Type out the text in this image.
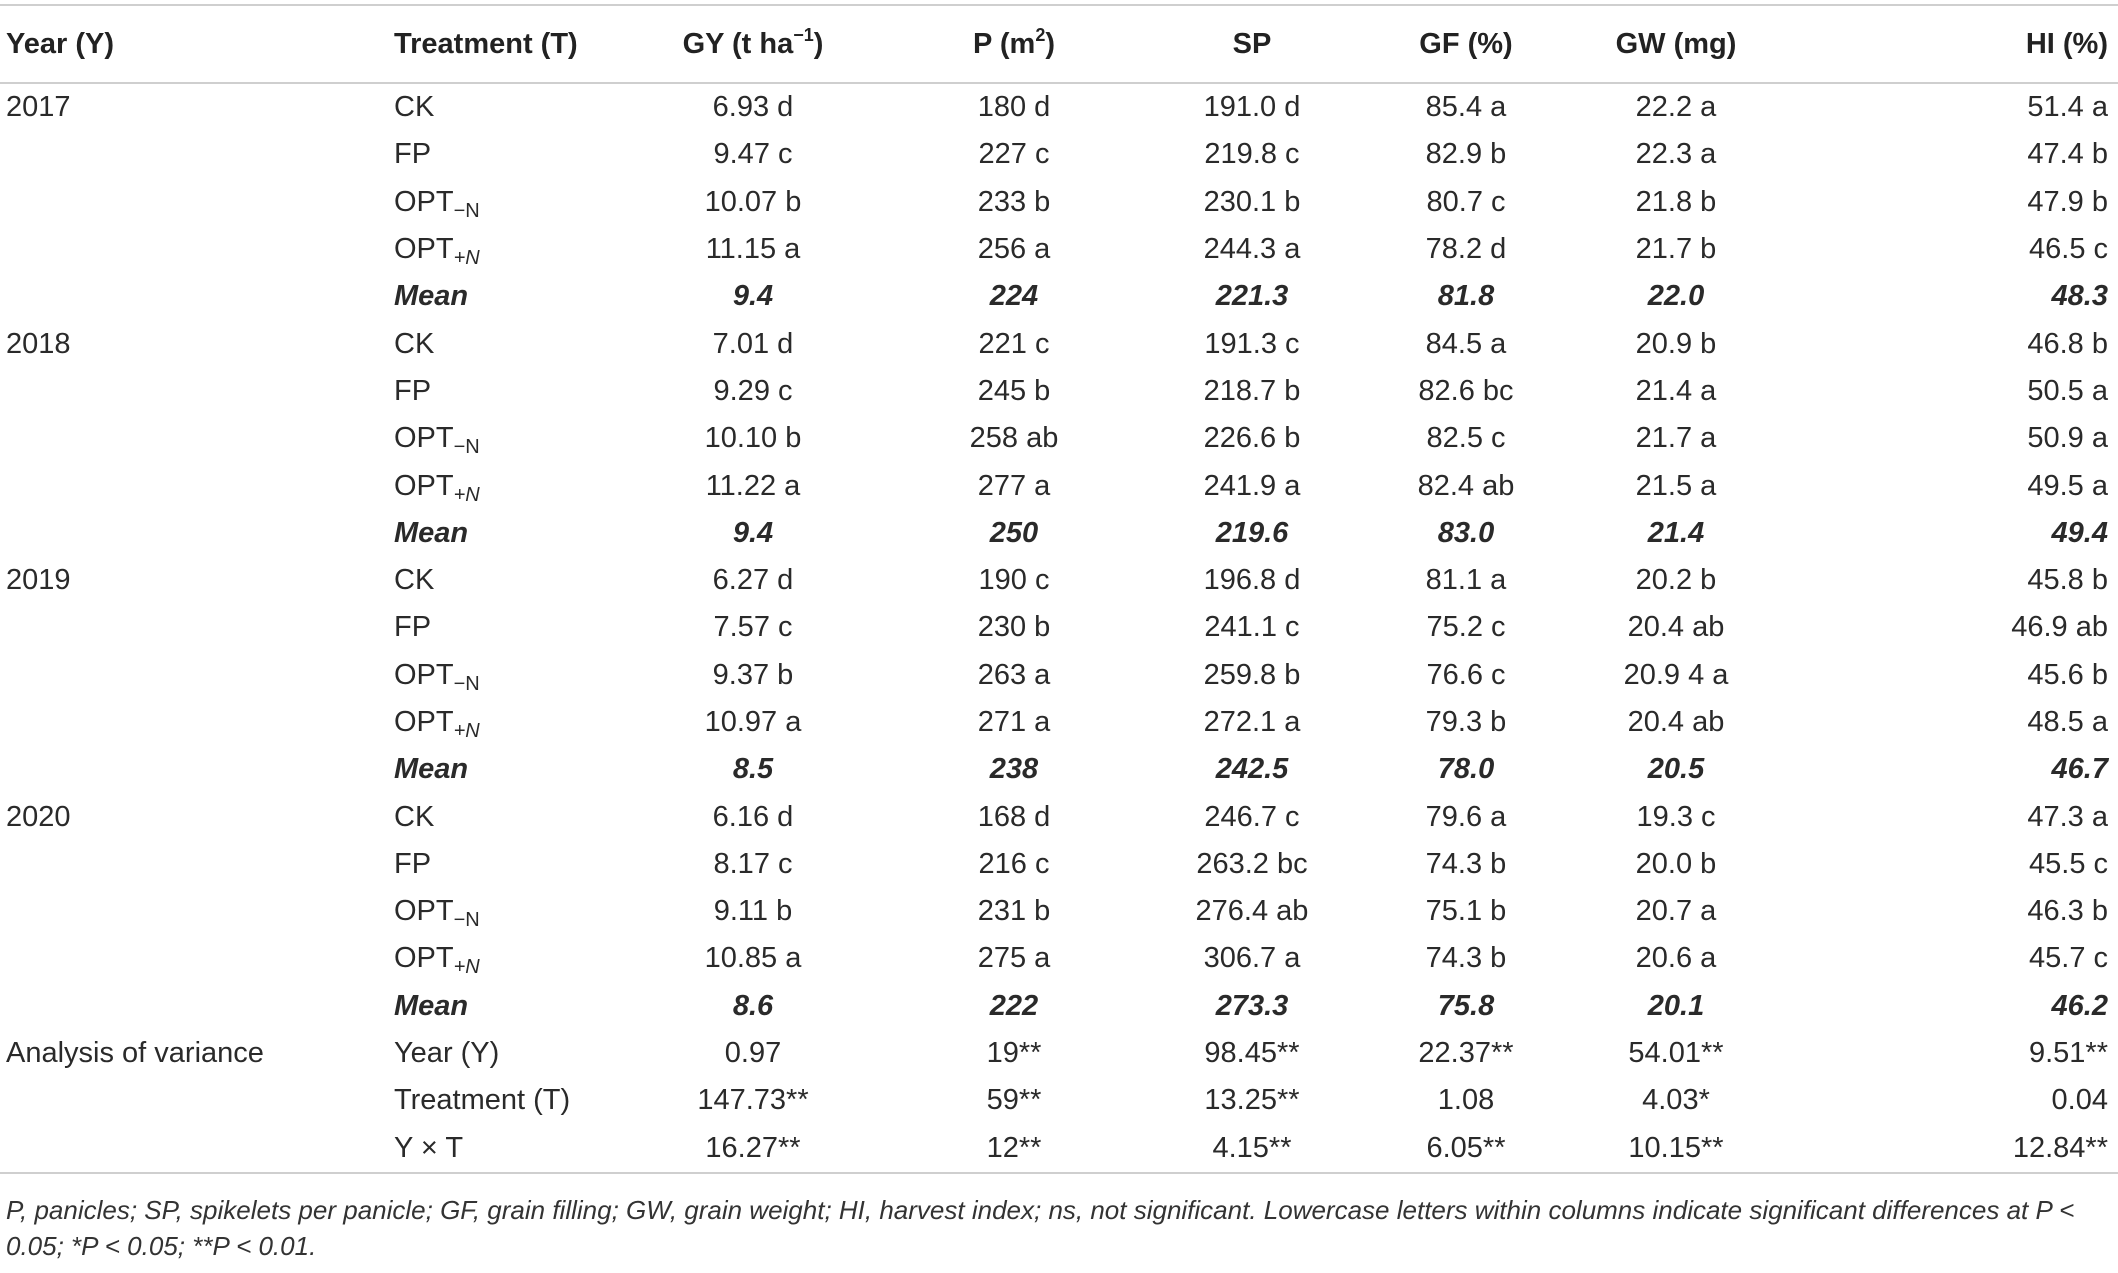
Year (Y)	Treatment (T)	GY (t $ha^{-1}$)	P $(m^2)$	SP	GF (%)	GW (mg)	HI (%)
2017	CK	6.93 d	180 d	191.0 d	85.4 a	22.2 a	51.4 a
	FP	9.47 c	227 c	219.8 c	82.9 b	22.3 a	47.4 b
	$OPT_{-N}$	10.07 b	233 b	230.1 b	80.7 c	21.8 b	47.9 b
	$OPT_{+N}$	11.15 a	256 a	244.3 a	78.2 d	21.7 b	46.5 c
	Mean	9.4	224	221.3	81.8	22.0	48.3
2018	CK	7.01 d	221 c	191.3 c	84.5 a	20.9 b	46.8 b
	FP	9.29 c	245 b	218.7 b	82.6 bc	21.4 a	50.5 a
	$OPT_{-N}$	10.10 b	258 ab	226.6 b	82.5 c	21.7 a	50.9 a
	$OPT_{+N}$	11.22 a	277 a	241.9 a	82.4 ab	21.5 a	49.5 a
	Mean	9.4	250	219.6	83.0	21.4	49.4
2019	CK	6.27 d	190 c	196.8 d	81.1 a	20.2 b	45.8 b
	FP	7.57 c	230 b	241.1 c	75.2 c	20.4 ab	46.9 ab
	$OPT_{-N}$	9.37 b	263 a	259.8 b	76.6 c	20.9 4 a	45.6 b
	$OPT_{+N}$	10.97 a	271 a	272.1 a	79.3 b	20.4 ab	48.5 a
	Mean	8.5	238	242.5	78.0	20.5	46.7
2020	CK	6.16 d	168 d	246.7 c	79.6 a	19.3 c	47.3 a
	FP	8.17 c	216 c	263.2 bc	74.3 b	20.0 b	45.5 c
	$OPT_{-N}$	9.11 b	231 b	276.4 ab	75.1 b	20.7 a	46.3 b
	$OPT_{+N}$	10.85 a	275 a	306.7 a	74.3 b	20.6 a	45.7 c
	Mean	8.6	222	273.3	75.8	20.1	46.2
Analysis of variance	Year (Y)	0.97	19**	98.45**	22.37**	54.01**	9.51**
	Treatment (T)	147.73**	59**	13.25**	1.08	4.03*	0.04
	Y × T	16.27**	12**	4.15**	6.05**	10.15**	12.84**
P, panicles; SP, spikelets per panicle; GF, grain filling; GW, grain weight; HI, harvest index; ns, not significant. Lowercase letters within columns indicate significant differences at P < 0.05; *P < 0.05; **P < 0.01.
